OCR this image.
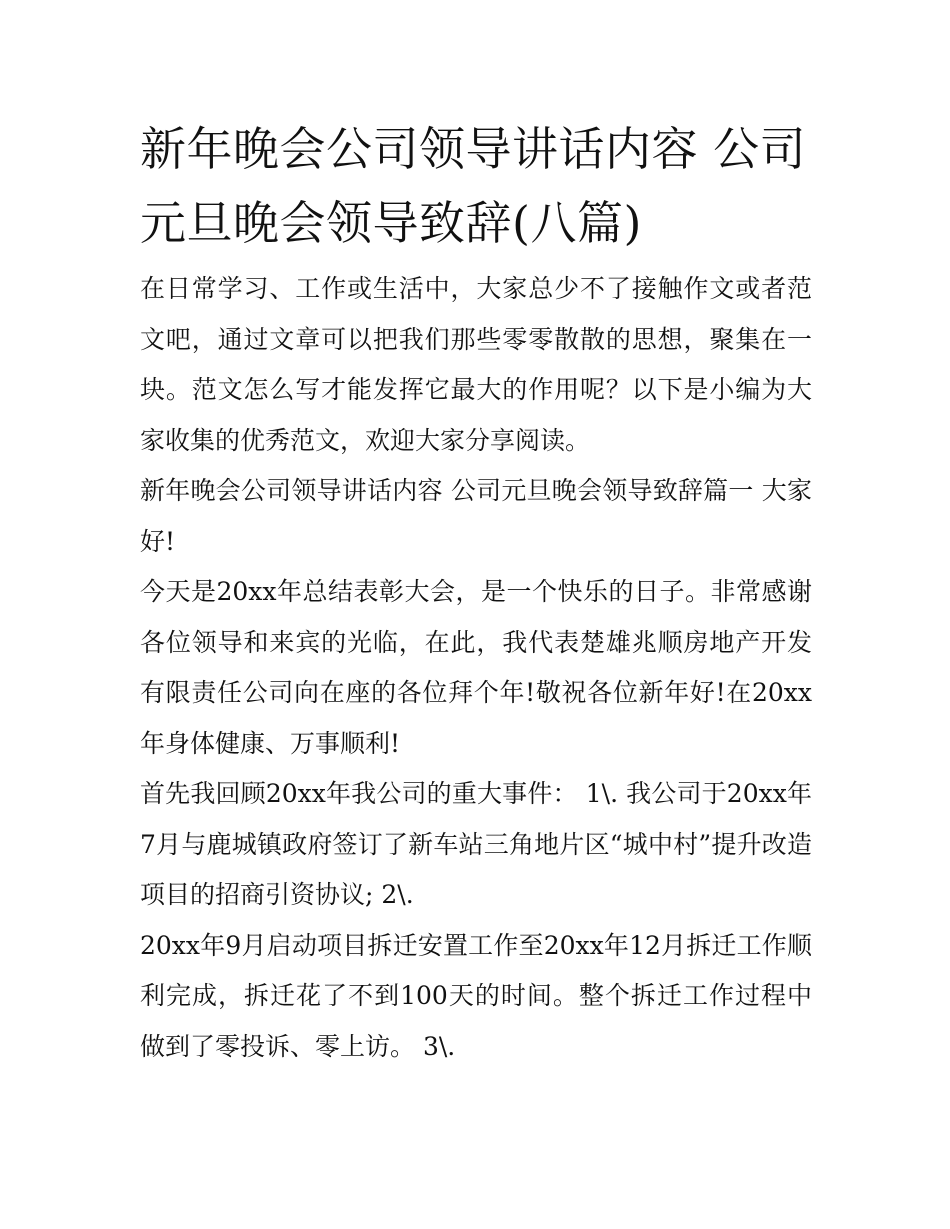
新年晚会公司领导讲话内容 公司元旦晚会领导致辞(八篇)

在日常学习、工作或生活中，大家总少不了接触作文或者范文吧，通过文章可以把我们那些零零散散的思想，聚集在一块。范文怎么写才能发挥它最大的作用呢？以下是小编为大家收集的优秀范文，欢迎大家分享阅读。

新年晚会公司领导讲话内容 公司元旦晚会领导致辞篇一 大家好!

今天是20xx年总结表彰大会，是一个快乐的日子。非常感谢各位领导和来宾的光临，在此，我代表楚雄兆顺房地产开发有限责任公司向在座的各位拜个年!敬祝各位新年好!在20xx年身体健康、万事顺利!

首先我回顾20xx年我公司的重大事件： 1\. 我公司于20xx年7月与鹿城镇政府签订了新车站三角地片区“城中村”提升改造项目的招商引资协议; 2\.

20xx年9月启动项目拆迁安置工作至20xx年12月拆迁工作顺利完成，拆迁花了不到100天的时间。整个拆迁工作过程中做到了零投诉、零上访。 3\.
